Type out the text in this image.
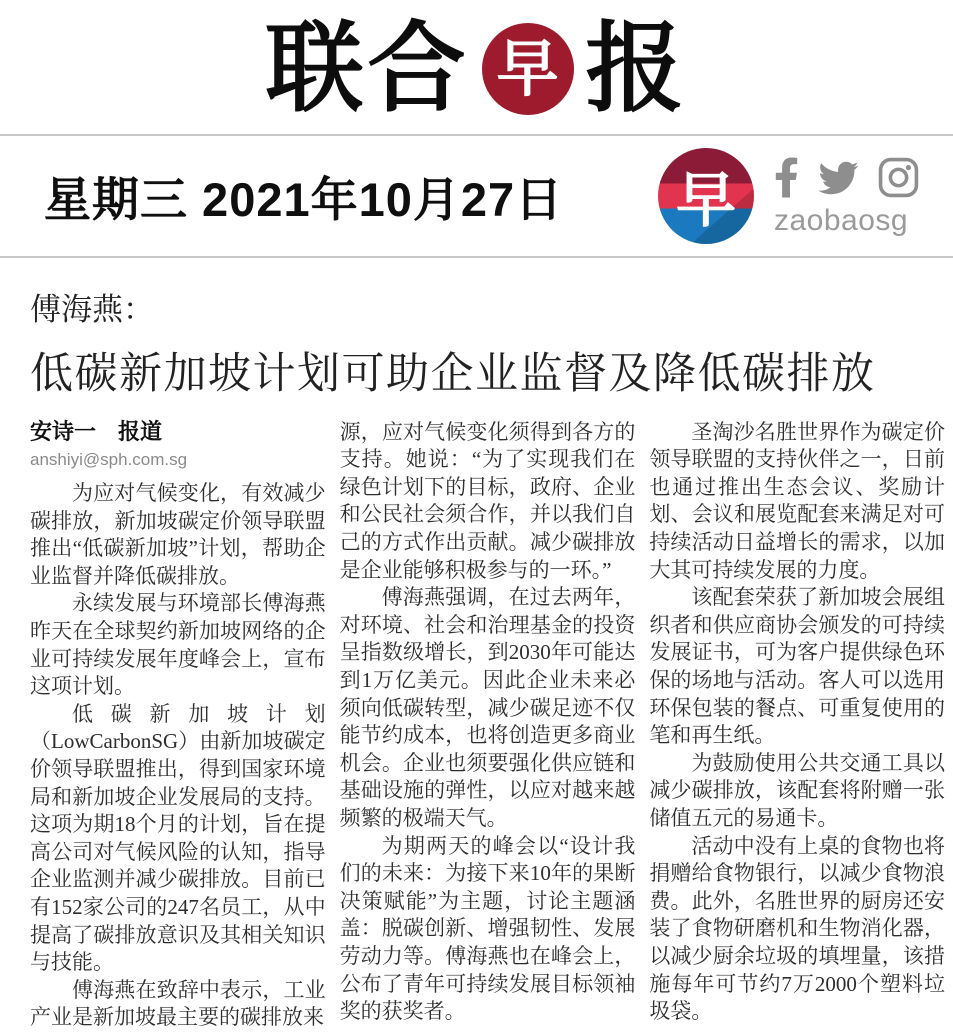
联合 早 报
星期三 2021年10月27日	早	zaobaosg
傅海燕：
低碳新加坡计划可助企业监督及降低碳排放
安诗一　报道
anshiyi@sph.com.sg

为应对气候变化，有效减少碳排放，新加坡碳定价领导联盟推出“低碳新加坡”计划，帮助企业监督并降低碳排放。

永续发展与环境部长傅海燕昨天在全球契约新加坡网络的企业可持续发展年度峰会上，宣布这项计划。

低碳新加坡计划（LowCarbonSG）由新加坡碳定价领导联盟推出，得到国家环境局和新加坡企业发展局的支持。这项为期18个月的计划，旨在提高公司对气候风险的认知，指导企业监测并减少碳排放。目前已有152家公司的247名员工，从中提高了碳排放意识及其相关知识与技能。

傅海燕在致辞中表示，工业产业是新加坡最主要的碳排放来

源，应对气候变化须得到各方的支持。她说：“为了实现我们在绿色计划下的目标，政府、企业和公民社会须合作，并以我们自己的方式作出贡献。减少碳排放是企业能够积极参与的一环。”

傅海燕强调，在过去两年，对环境、社会和治理基金的投资呈指数级增长，到2030年可能达到1万亿美元。因此企业未来必须向低碳转型，减少碳足迹不仅能节约成本，也将创造更多商业机会。企业也须要强化供应链和基础设施的弹性，以应对越来越频繁的极端天气。

为期两天的峰会以“设计我们的未来：为接下来10年的果断决策赋能”为主题，讨论主题涵盖：脱碳创新、增强韧性、发展劳动力等。傅海燕也在峰会上，公布了青年可持续发展目标领袖奖的获奖者。

圣淘沙名胜世界作为碳定价领导联盟的支持伙伴之一，日前也通过推出生态会议、奖励计划、会议和展览配套来满足对可持续活动日益增长的需求，以加大其可持续发展的力度。

该配套荣获了新加坡会展组织者和供应商协会颁发的可持续发展证书，可为客户提供绿色环保的场地与活动。客人可以选用环保包装的餐点、可重复使用的笔和再生纸。

为鼓励使用公共交通工具以减少碳排放，该配套将附赠一张储值五元的易通卡。

活动中没有上桌的食物也将捐赠给食物银行，以减少食物浪费。此外，名胜世界的厨房还安装了食物研磨机和生物消化器，以减少厨余垃圾的填埋量，该措施每年可节约7万2000个塑料垃圾袋。
